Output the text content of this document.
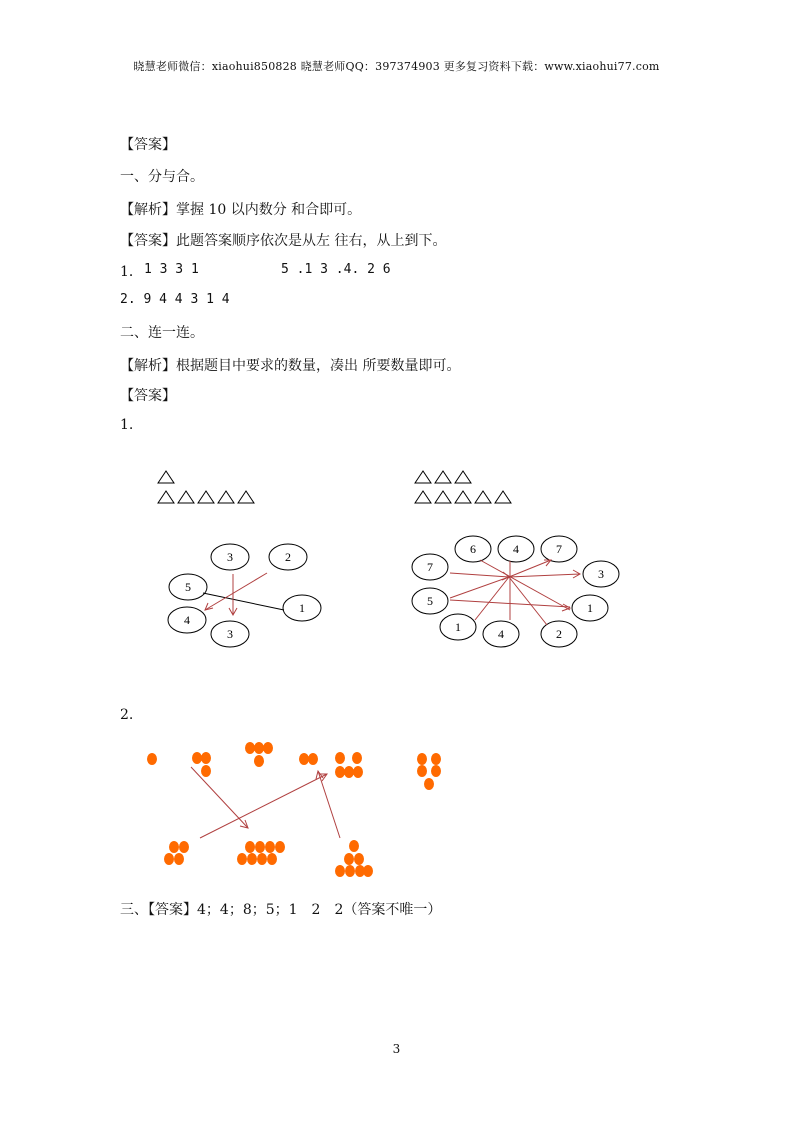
晓慧老师微信：xiaohui850828 晓慧老师QQ：397374903 更多复习资料下载：www.xiaohui77.com
【答案】
一、分与合。
【解析】掌握 10 以内数分 和合即可。
【答案】此题答案顺序依次是从左 往右，从上到下。
1． 1 3 3 1	5 .1 3 .4. 2 6
2. 9 4 4 3 1 4
二、连一连。
【解析】根据题目中要求的数量，凑出 所要数量即可。
【答案】
1.
2.
三、【答案】4；4；8；5；1　2　2（答案不唯一）
3	2
5
1
4
3
6	4	7
7	3
5	1
1	4	2
3
